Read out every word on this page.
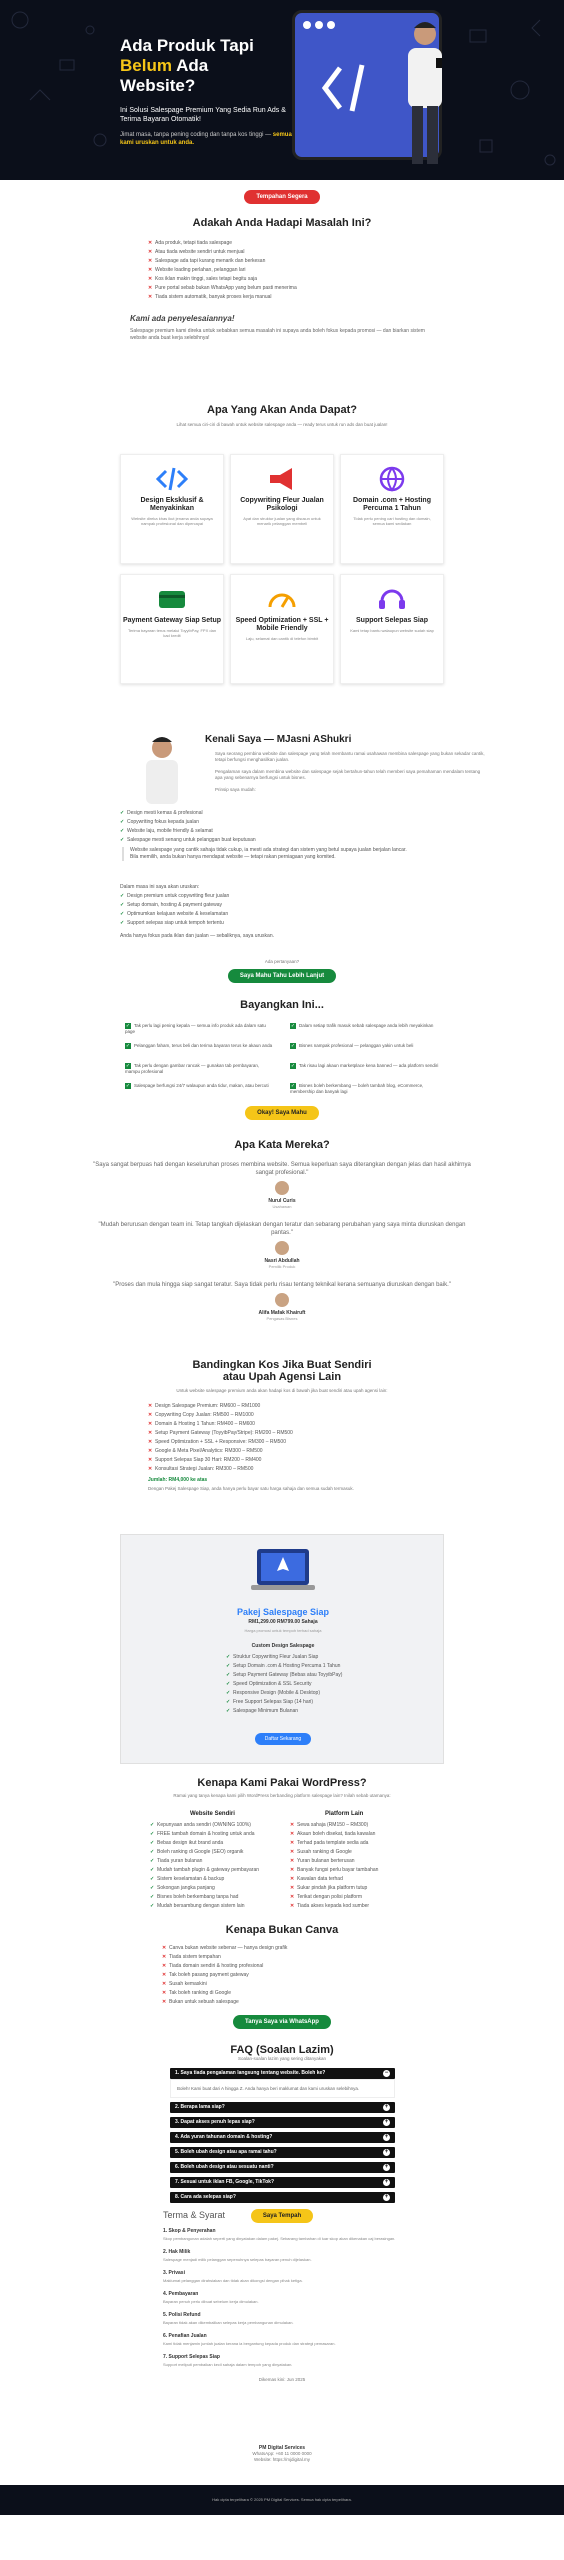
Ada Produk Tapi
Belum Ada
Website?
Ini Solusi Salespage Premium Yang Sedia Run Ads & Terima Bayaran Otomatik!
Jimat masa, tanpa pening coding dan tanpa kos tinggi — semua kami uruskan untuk anda.
Tempahan Segera
Adakah Anda Hadapi Masalah Ini?
✕ Ada produk, tetapi tiada salespage
✕ Atau tiada website sendiri untuk menjual
✕ Salespage ada tapi kurang menarik dan berkesan
✕ Website loading perlahan, pelanggan lari
✕ Kos iklan makin tinggi, sales tetapi begitu saja
✕ Pure portal sebab bukan WhatsApp yang belum pasti menerima
✕ Tiada sistem automatik, banyak proses kerja manual
Kami ada penyelesaiannya!
Salespage premium kami direka untuk sebabkan semua masalah ini supaya anda boleh fokus kepada promosi — dan biarkan sistem website anda buat kerja selebihnya!
Apa Yang Akan Anda Dapat?
Lihat semua ciri-ciri di bawah untuk website salespage anda — ready terus untuk run ads dan buat jualan!
Design Eksklusif & Menyakinkan
Website direka khas ikut jenama anda supaya nampak profesional dan dipercayai
Copywriting Fleur Jualan Psikologi
Ayat dan struktur jualan yang disusun untuk menarik pelanggan membeli
Domain .com + Hosting Percuma 1 Tahun
Tidak perlu pening cari hosting dan domain, semua kami sediakan
Payment Gateway Siap Setup
Terima bayaran terus melalui ToyyibPay, FPX dan kad kredit
Speed Optimization + SSL + Mobile Friendly
Laju, selamat dan cantik di telefon bimbit
Support Selepas Siap
Kami tetap bantu walaupun website sudah siap
Kenali Saya — MJasni AShukri

Saya seorang pembina website dan salespage yang telah membantu ramai usahawan membina salespage yang bukan sekadar cantik, tetapi berfungsi menghasilkan jualan.

Pengalaman saya dalam membina website dan salespage sejak bertahun-tahun telah memberi saya pemahaman mendalam tentang apa yang sebenarnya berfungsi untuk bisnes.

Prinsip saya mudah:

✓ Design mesti kemas & profesional
✓ Copywriting fokus kepada jualan
✓ Website laju, mobile friendly & selamat
✓ Salespage mesti senang untuk pelanggan buat keputusan
Website salespage yang cantik sahaja tidak cukup, ia mesti ada strategi dan sistem yang betul supaya jualan berjalan lancar.
Bila memilih, anda bukan hanya mendapat website — tetapi rakan perniagaan yang komited.
Dalam masa ini saya akan uruskan:
✓ Design premium untuk copywriting fleur jualan
✓ Setup domain, hosting & payment gateway
✓ Optimumkan kelajuan website & keselamatan
✓ Support selepas siap untuk tempoh tertentu
Anda hanya fokus pada iklan dan jualan — sebaliknya, saya uruskan.
Ada pertanyaan?
Saya Mahu Tahu Lebih Lanjut
Bayangkan Ini...
✓ Tak perlu lagi pening kepala — semua info produk ada dalam satu page
✓ Pelanggan faham, terus beli dan terima bayaran terus ke akaun anda
✓ Tak perlu dengan gambar rancak — gunakan tab pembayaran, mampu profesional
✓ Salespage berfungsi 24/7 walaupun anda tidur, makan, atau bercuti
✓ Dalam setiap trafik masuk sebab salespage anda lebih meyakinkan
✓ Bisnes nampak profesional — pelanggan yakin untuk beli
✓ Tak risau lagi akaun marketplace kena banned — ada platform sendiri
✓ Bisnes boleh berkembang — boleh tambah blog, eCommerce, membership dan banyak lagi
Okay! Saya Mahu
Apa Kata Mereka?
"Saya sangat berpuas hati dengan keseluruhan proses membina website. Semua keperluan saya diterangkan dengan jelas dan hasil akhirnya sangat profesional."
Nurul Curis
Usahawan
"Mudah berurusan dengan team ini. Tetap tangkah dijelaskan dengan teratur dan sebarang perubahan yang saya minta diuruskan dengan pantas."
Nasri Abdullah
Pemilik Produk
"Proses dan mula hingga siap sangat teratur. Saya tidak perlu risau tentang teknikal kerana semuanya diuruskan dengan baik."
Alifa Mafak Khairuft
Pengasas Bisnes
Bandingkan Kos Jika Buat Sendiri
atau Upah Agensi Lain
Untuk website salespage premium anda akan hadapi kos di bawah jika buat sendiri atau upah agensi lain:
✕ Design Salespage Premium: RM600 – RM1000
✕ Copywriting Copy Jualan: RM500 – RM1000
✕ Domain & Hosting 1 Tahun: RM400 – RM600
✕ Setup Payment Gateway (ToyyibPay/Stripe): RM200 – RM500
✕ Speed Optimization + SSL + Responsive: RM300 – RM500
✕ Google & Meta Pixel/Analytics: RM300 – RM500
✕ Support Selepas Siap 30 Hari: RM200 – RM400
✕ Konsultasi Strategi Jualan: RM300 – RM500
Jumlah: RM4,000 ke atas
Dengan Pakej Salespage Siap, anda hanya perlu bayar satu harga sahaja dan semua sudah termasuk.
Pakej Salespage Siap
RM1,299.00 RM799.00 Sahaja
Harga promosi untuk tempoh terhad sahaja
Custom Design Salespage
✓ Struktur Copywriting Fleur Jualan Siap
✓ Setup Domain .com & Hosting Percuma 1 Tahun
✓ Setup Payment Gateway (Bebas atau ToyyibPay)
✓ Speed Optimization & SSL Security
✓ Responsive Design (Mobile & Desktop)
✓ Free Support Selepas Siap (14 hari)
✓ Salespage Minimum Bulanan
Daftar Sekarang
Kenapa Kami Pakai WordPress?
Ramai yang tanya kenapa kami pilih WordPress berbanding platform salespage lain? Inilah sebab utamanya:
Website Sendiri	Platform Lain
✓ Kepunyaan anda sendiri (OWNING 100%)
✓ FREE tambah domain & hosting untuk anda
✓ Bebas design ikut brand anda
✓ Boleh ranking di Google (SEO) organik
✓ Tiada yuran bulanan
✓ Mudah tambah plugin & gateway pembayaran
✓ Sistem keselamatan & backup
✓ Sokongan jangka panjang
✓ Bisnes boleh berkembang tanpa had
✓ Mudah bersambung dengan sistem lain
✕ Sewa sahaja (RM150 – RM300)
✕ Akaun boleh disekat, tiada kawalan
✕ Terhad pada template sedia ada
✕ Susah ranking di Google
✕ Yuran bulanan berterusan
✕ Banyak fungsi perlu bayar tambahan
✕ Kawalan data terhad
✕ Sukar pindah jika platform tutup
✕ Terikat dengan polisi platform
✕ Tiada akses kepada kod sumber
Kenapa Bukan Canva
✕ Canva bukan website sebenar — hanya design grafik
✕ Tiada sistem tempahan
✕ Tiada domain sendiri & hosting profesional
✕ Tak boleh pasang payment gateway
✕ Susah kemaskini
✕ Tak boleh ranking di Google
✕ Bukan untuk sebuah salespage
Tanya Saya via WhatsApp
FAQ (Soalan Lazim)
Soalan-soalan lazim yang sering ditanyakan
1. Saya tiada pengalaman langsung tentang website. Boleh ke?	−
Boleh! Kami buat dari A hingga Z. Anda hanya beri maklumat dan kami uruskan selebihnya.
2. Berapa lama siap?	+
3. Dapat akses penuh lepas siap?	+
4. Ada yuran tahunan domain & hosting?	+
5. Boleh ubah design atau apa ramai tahu?	+
6. Boleh ubah design atau sesuatu nanti?	+
7. Sesuai untuk iklan FB, Google, TikTok?	+
8. Cara ada selepas siap?	+
Saya Tempah
Terma & Syarat
1. Skop & Penyerahan
Skop pembangunan adalah seperti yang dinyatakan dalam pakej. Sebarang tambahan di luar skop akan dikenakan caj berasingan.
2. Hak Milik
Salespage menjadi milik pelanggan sepenuhnya selepas bayaran penuh dijelaskan.
3. Privasi
Maklumat pelanggan dirahsiakan dan tidak akan dikongsi dengan pihak ketiga.
4. Pembayaran
Bayaran penuh perlu dibuat sebelum kerja dimulakan.
5. Polisi Refund
Bayaran tidak akan dikembalikan selepas kerja pembangunan dimulakan.
6. Penafian Jualan
Kami tidak menjamin jumlah jualan kerana ia bergantung kepada produk dan strategi pemasaran.
7. Support Selepas Siap
Support meliputi pembaikan kecil sahaja dalam tempoh yang dinyatakan.
Dikemas kini: Jun 2025
PM Digital Services
WhatsApp: +60 11 0000 0000
Website: https://mjdigital.my
Hak cipta terpelihara © 2025 PM Digital Services. Semua hak cipta terpelihara.
